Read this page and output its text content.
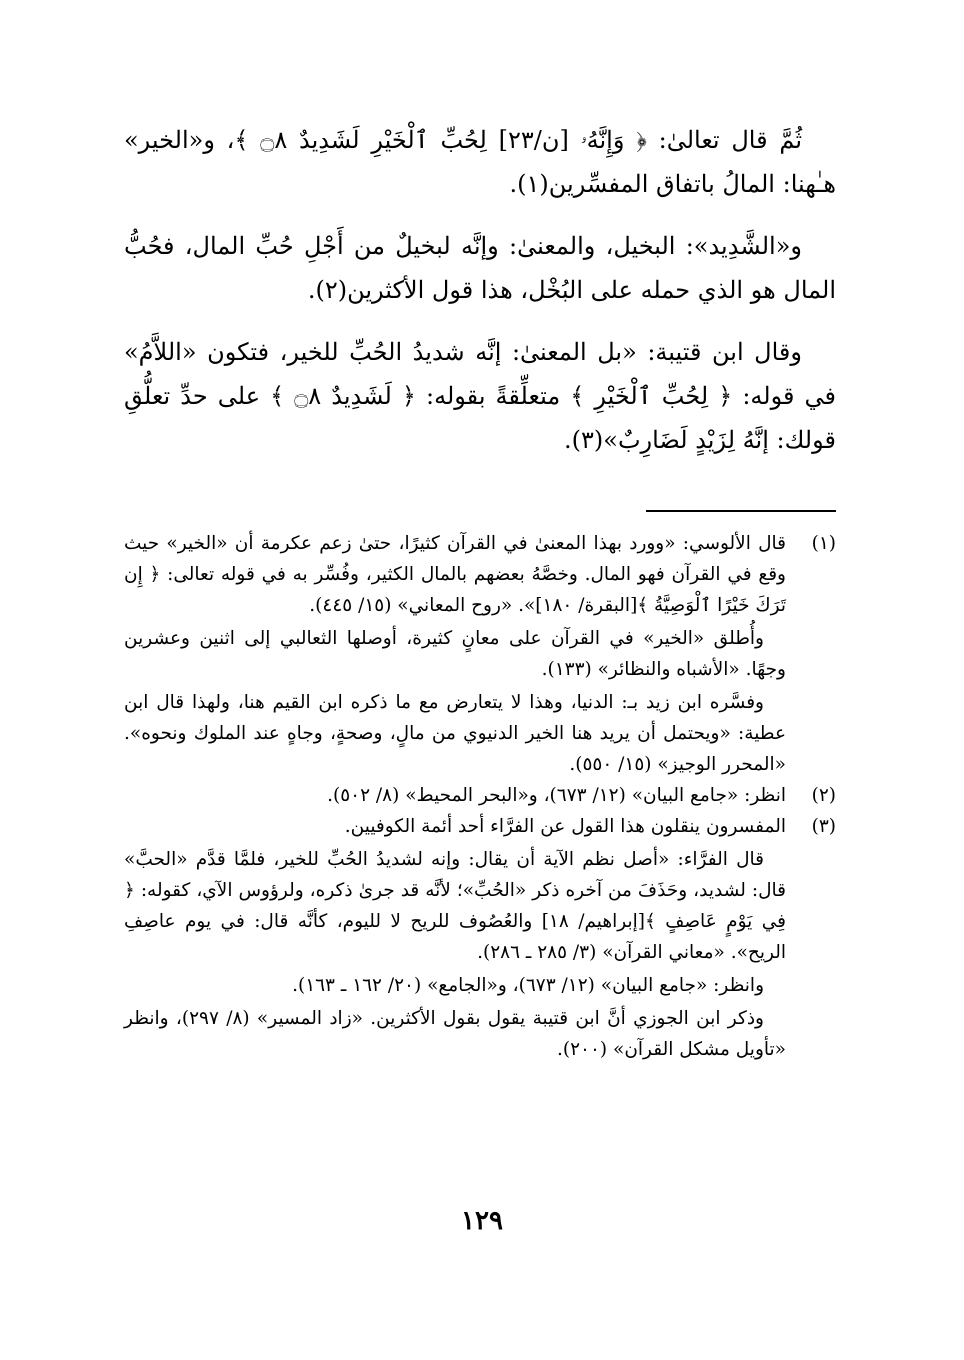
ثُمَّ قال تعالىٰ: ﴿ وَإِنَّهُۥ [ن/٢٣] لِحُبِّ ٱلْخَيْرِ لَشَدِيدٌ ۝٨ ﴾، و«الخير» هـٰهنا: المالُ باتفاق المفسِّرين(١).

و«الشَّدِيد»: البخيل، والمعنىٰ: وإنَّه لبخيلٌ من أَجْلِ حُبِّ المال، فحُبُّ المال هو الذي حمله على البُخْل، هذا قول الأكثرين(٢).

وقال ابن قتيبة: «بل المعنىٰ: إنَّه شديدُ الحُبِّ للخير، فتكون «اللاَّمُ» في قوله: ﴿ لِحُبِّ ٱلْخَيْرِ ﴾ متعلِّقةً بقوله: ﴿ لَشَدِيدٌ ۝٨ ﴾ على حدِّ تعلُّقِ قولك: إنَّهُ لِزَيْدٍ لَضَارِبٌ»(٣).

(١)

قال الألوسي: «وورد بهذا المعنىٰ في القرآن كثيرًا، حتىٰ زعم عكرمة أن «الخير» حيث وقع في القرآن فهو المال. وخصَّهُ بعضهم بالمال الكثير، وفُسِّر به في قوله تعالى: ﴿ إِن تَرَكَ خَيْرًا ٱلْوَصِيَّةُ ﴾[البقرة/ ١٨٠]». «روح المعاني» (١٥/ ٤٤٥).

وأُطلق «الخير» في القرآن على معانٍ كثيرة، أوصلها الثعالبي إلى اثنين وعشرين وجهًا. «الأشباه والنظائر» (١٣٣).

وفسَّره ابن زيد بـ: الدنيا، وهذا لا يتعارض مع ما ذكره ابن القيم هنا، ولهذا قال ابن عطية: «ويحتمل أن يريد هنا الخير الدنيوي من مالٍ، وصحةٍ، وجاهٍ عند الملوك ونحوه». «المحرر الوجيز» (١٥/ ٥٥٠).

(٢)

انظر: «جامع البيان» (١٢/ ٦٧٣)، و«البحر المحيط» (٨/ ٥٠٢).

(٣)

المفسرون ينقلون هذا القول عن الفرَّاء أحد أئمة الكوفيين.

قال الفرَّاء: «أصل نظم الآية أن يقال: وإنه لشديدُ الحُبِّ للخير، فلمَّا قدَّم «الحبَّ» قال: لشديد، وحَذَفَ من آخره ذكر «الحُبِّ»؛ لأنَّه قد جرىٰ ذكره، ولرؤوس الآي، كقوله: ﴿ فِي يَوْمٍ عَاصِفٍ ﴾[إبراهيم/ ١٨] والعُصُوف للريح لا لليوم، كأنَّه قال: في يوم عاصِفِ الريح». «معاني القرآن» (٣/ ٢٨٥ ـ ٢٨٦).

وانظر: «جامع البيان» (١٢/ ٦٧٣)، و«الجامع» (٢٠/ ١٦٢ ـ ١٦٣).

وذكر ابن الجوزي أنَّ ابن قتيبة يقول بقول الأكثرين. «زاد المسير» (٨/ ٢٩٧)، وانظر «تأويل مشكل القرآن» (٢٠٠).

١٢٩
